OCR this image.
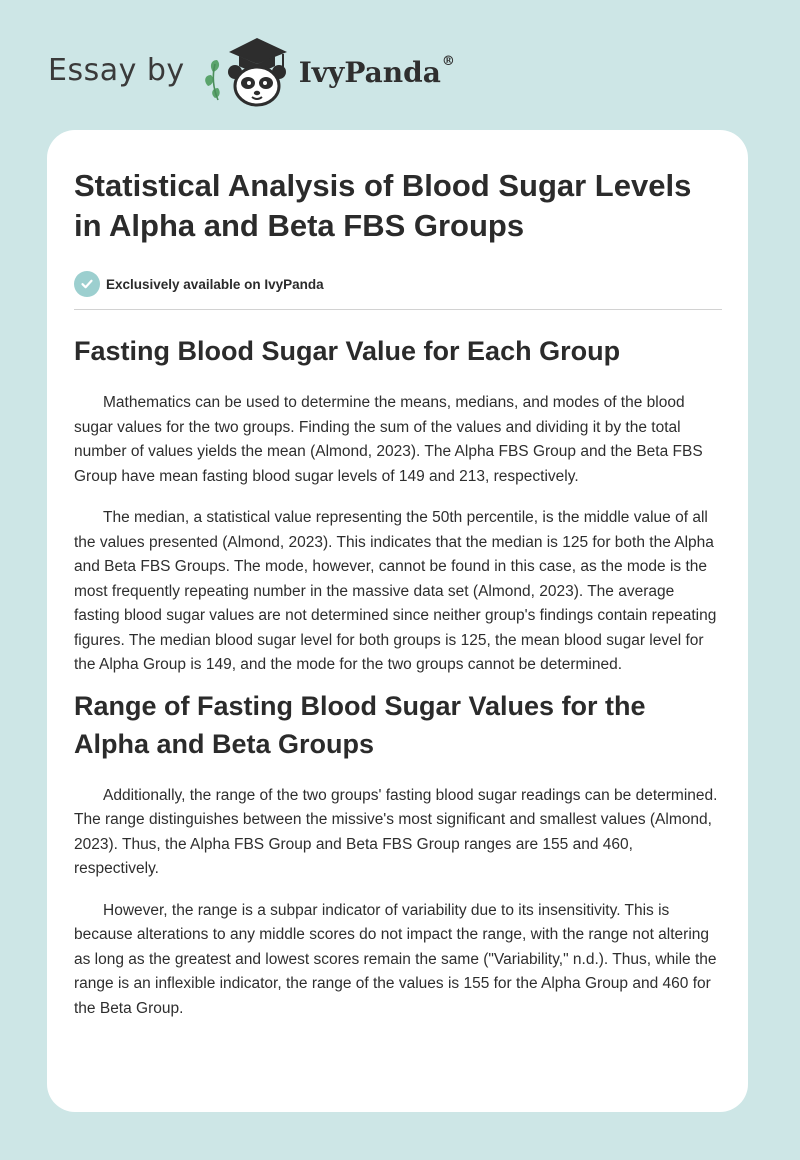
Essay by	IvyPanda®
Statistical Analysis of Blood Sugar Levels in Alpha and Beta FBS Groups
Exclusively available on IvyPanda
Fasting Blood Sugar Value for Each Group

Mathematics can be used to determine the means, medians, and modes of the blood sugar values for the two groups. Finding the sum of the values and dividing it by the total number of values yields the mean (Almond, 2023). The Alpha FBS Group and the Beta FBS Group have mean fasting blood sugar levels of 149 and 213, respectively.

The median, a statistical value representing the 50th percentile, is the middle value of all the values presented (Almond, 2023). This indicates that the median is 125 for both the Alpha and Beta FBS Groups. The mode, however, cannot be found in this case, as the mode is the most frequently repeating number in the massive data set (Almond, 2023). The average fasting blood sugar values are not determined since neither group's findings contain repeating figures. The median blood sugar level for both groups is 125, the mean blood sugar level for the Alpha Group is 149, and the mode for the two groups cannot be determined.

Range of Fasting Blood Sugar Values for the Alpha and Beta Groups

Additionally, the range of the two groups' fasting blood sugar readings can be determined. The range distinguishes between the missive's most significant and smallest values (Almond, 2023). Thus, the Alpha FBS Group and Beta FBS Group ranges are 155 and 460, respectively.

However, the range is a subpar indicator of variability due to its insensitivity. This is because alterations to any middle scores do not impact the range, with the range not altering as long as the greatest and lowest scores remain the same ("Variability," n.d.). Thus, while the range is an inflexible indicator, the range of the values is 155 for the Alpha Group and 460 for the Beta Group.
